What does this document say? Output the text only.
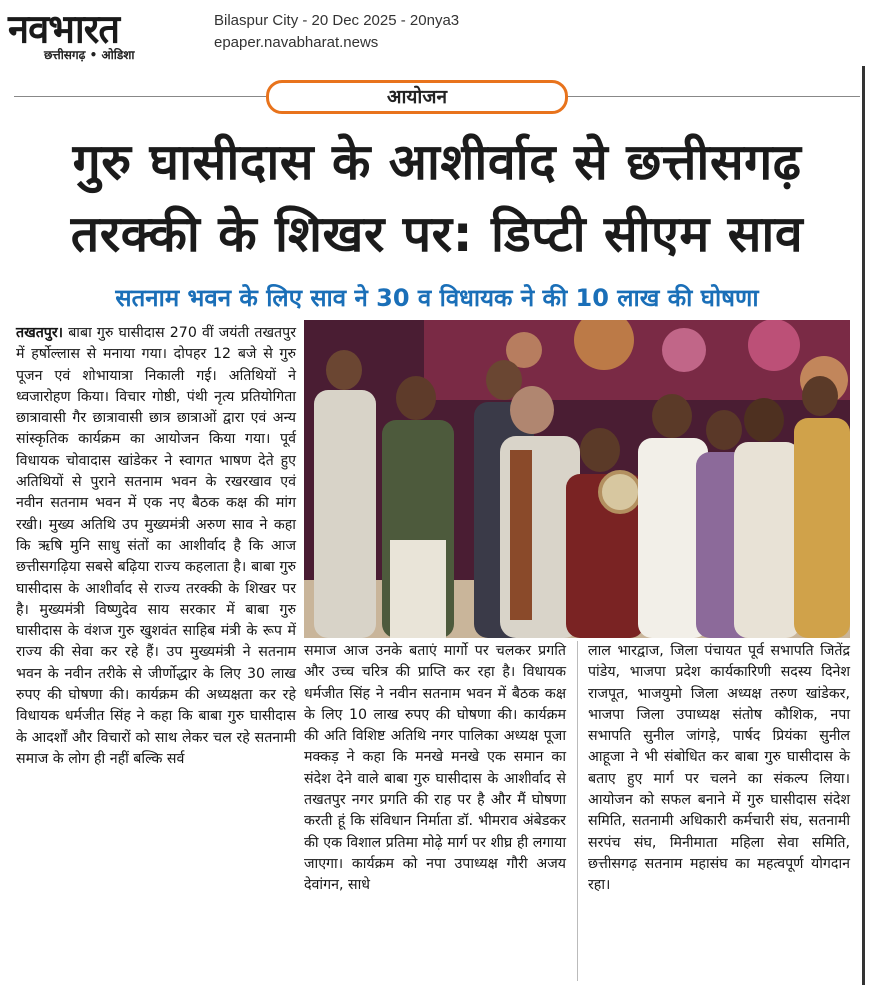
नवभारत
छत्तीसगढ़ • ओडिशा
Bilaspur City - 20 Dec 2025 - 20nya3
epaper.navabharat.news
आयोजन
गुरु घासीदास के आशीर्वाद से छत्तीसगढ़
तरक्की के शिखर पर: डिप्टी सीएम साव
सतनाम भवन के लिए साव ने 30 व विधायक ने की 10 लाख की घोषणा
तखतपुर। बाबा गुरु घासीदास 270 वीं जयंती तखतपुर में हर्षोल्लास से मनाया गया। दोपहर 12 बजे से गुरु पूजन एवं शोभायात्रा निकाली गई। अतिथियों ने ध्वजारोहण किया। विचार गोष्ठी, पंथी नृत्य प्रतियोगिता छात्रावासी गैर छात्रावासी छात्र छात्राओं द्वारा एवं अन्य सांस्कृतिक कार्यक्रम का आयोजन किया गया। पूर्व विधायक चोवादास खांडेकर ने स्वागत भाषण देते हुए अतिथियों से पुराने सतनाम भवन के रखरखाव एवं नवीन सतनाम भवन में एक नए बैठक कक्ष की मांग रखी। मुख्य अतिथि उप मुख्यमंत्री अरुण साव ने कहा कि ऋषि मुनि साधु संतों का आशीर्वाद है कि आज छत्तीसगढ़िया सबसे बढ़िया राज्य कहलाता है। बाबा गुरु घासीदास के आशीर्वाद से राज्य तरक्की के शिखर पर है। मुख्यमंत्री विष्णुदेव साय सरकार में बाबा गुरु घासीदास के वंशज गुरु खुशवंत साहिब मंत्री के रूप में राज्य की सेवा कर रहे हैं। उप मुख्यमंत्री ने सतनाम भवन के नवीन तरीके से जीर्णोद्धार के लिए 30 लाख रुपए की घोषणा की। कार्यक्रम की अध्यक्षता कर रहे विधायक धर्मजीत सिंह ने कहा कि बाबा गुरु घासीदास के आदर्शों और विचारों को साथ लेकर चल रहे सतनामी समाज के लोग ही नहीं बल्कि सर्व
समाज आज उनके बताएं मार्गो पर चलकर प्रगति और उच्च चरित्र की प्राप्ति कर रहा है। विधायक धर्मजीत सिंह ने नवीन सतनाम भवन में बैठक कक्ष के लिए 10 लाख रुपए की घोषणा की। कार्यक्रम की अति विशिष्ट अतिथि नगर पालिका अध्यक्ष पूजा मक्कड़ ने कहा कि मनखे मनखे एक समान का संदेश देने वाले बाबा गुरु घासीदास के आशीर्वाद से तखतपुर नगर प्रगति की राह पर है और मैं घोषणा करती हूं कि संविधान निर्माता डॉ. भीमराव अंबेडकर की एक विशाल प्रतिमा मोढ़े मार्ग पर शीघ्र ही लगाया जाएगा। कार्यक्रम को नपा उपाध्यक्ष गौरी अजय देवांगन, साधे
लाल भारद्वाज, जिला पंचायत पूर्व सभापति जितेंद्र पांडेय, भाजपा प्रदेश कार्यकारिणी सदस्य दिनेश राजपूत, भाजयुमो जिला अध्यक्ष तरुण खांडेकर, भाजपा जिला उपाध्यक्ष संतोष कौशिक, नपा सभापति सुनील जांगड़े, पार्षद प्रियंका सुनील आहूजा ने भी संबोधित कर बाबा गुरु घासीदास के बताए हुए मार्ग पर चलने का संकल्प लिया। आयोजन को सफल बनाने में गुरु घासीदास संदेश समिति, सतनामी अधिकारी कर्मचारी संघ, सतनामी सरपंच संघ, मिनीमाता महिला सेवा समिति, छत्तीसगढ़ सतनाम महासंघ का महत्वपूर्ण योगदान रहा।
